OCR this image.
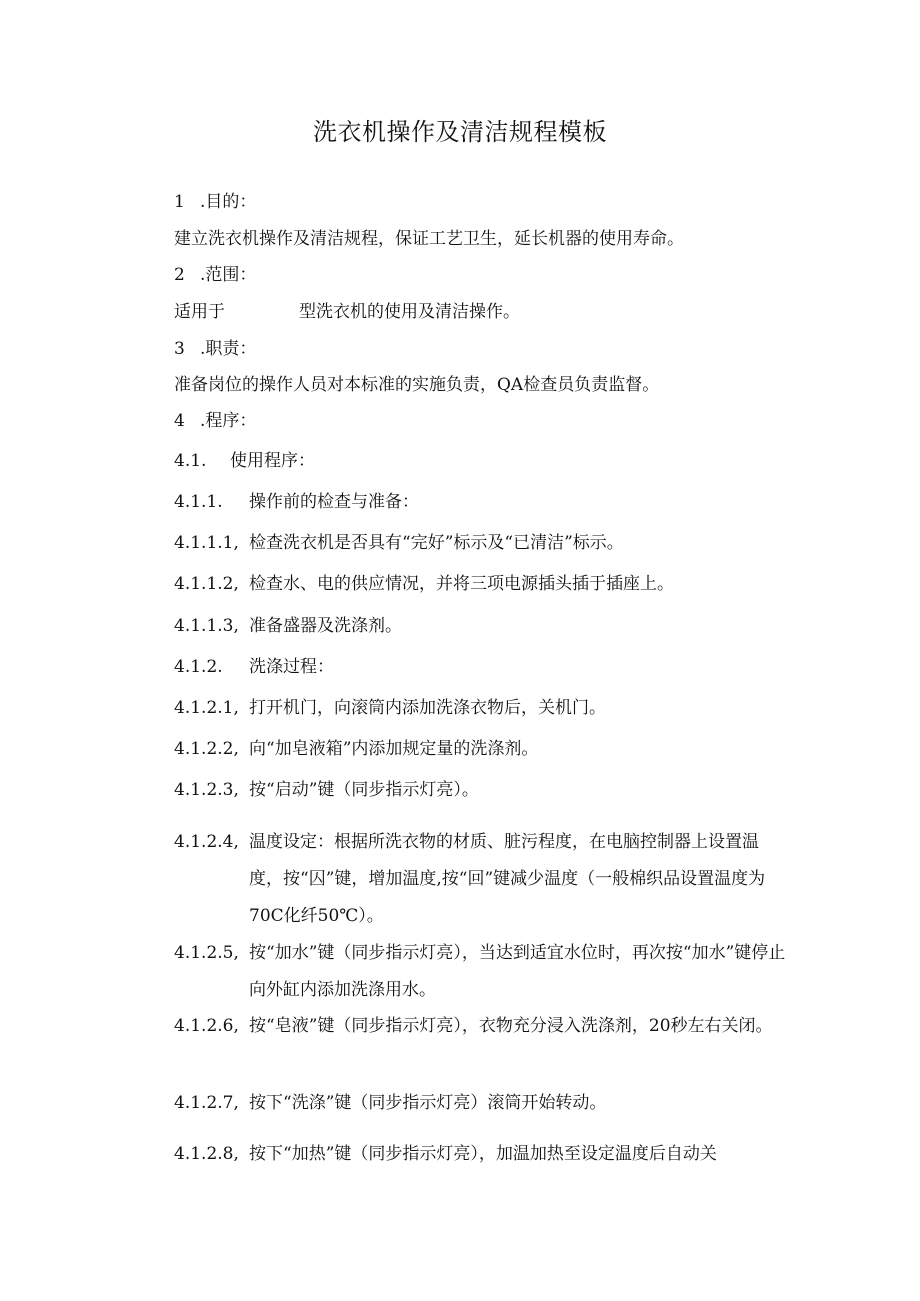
洗衣机操作及清洁规程模板
1 .目的：
建立洗衣机操作及清洁规程，保证工艺卫生，延长机器的使用寿命。
2 .范围：
适用于	型洗衣机的使用及清洁操作。
3 .职责：
准备岗位的操作人员对本标准的实施负责，QA检查员负责监督。
4 .程序：
4.1. 使用程序：
4.1.1. 操作前的检查与准备：
4.1.1.1, 检查洗衣机是否具有“完好”标示及“已清洁”标示。
4.1.1.2, 检查水、电的供应情况，并将三项电源插头插于插座上。
4.1.1.3, 准备盛器及洗涤剂。
4.1.2. 洗涤过程：
4.1.2.1, 打开机门，向滚筒内添加洗涤衣物后，关机门。
4.1.2.2, 向“加皂液箱”内添加规定量的洗涤剂。
4.1.2.3, 按“启动”键（同步指示灯亮）。
4.1.2.4, 温度设定：根据所洗衣物的材质、脏污程度，在电脑控制器上设置温度，按“囚”键，增加温度,按“回”键减少温度（一般棉织品设置温度为70C化纤50℃）。
4.1.2.5, 按“加水”键（同步指示灯亮），当达到适宜水位时，再次按“加水”键停止向外缸内添加洗涤用水。
4.1.2.6, 按“皂液”键（同步指示灯亮），衣物充分浸入洗涤剂，20秒左右关闭。
4.1.2.7, 按下“洗涤”键（同步指示灯亮）滚筒开始转动。
4.1.2.8, 按下“加热”键（同步指示灯亮），加温加热至设定温度后自动关
